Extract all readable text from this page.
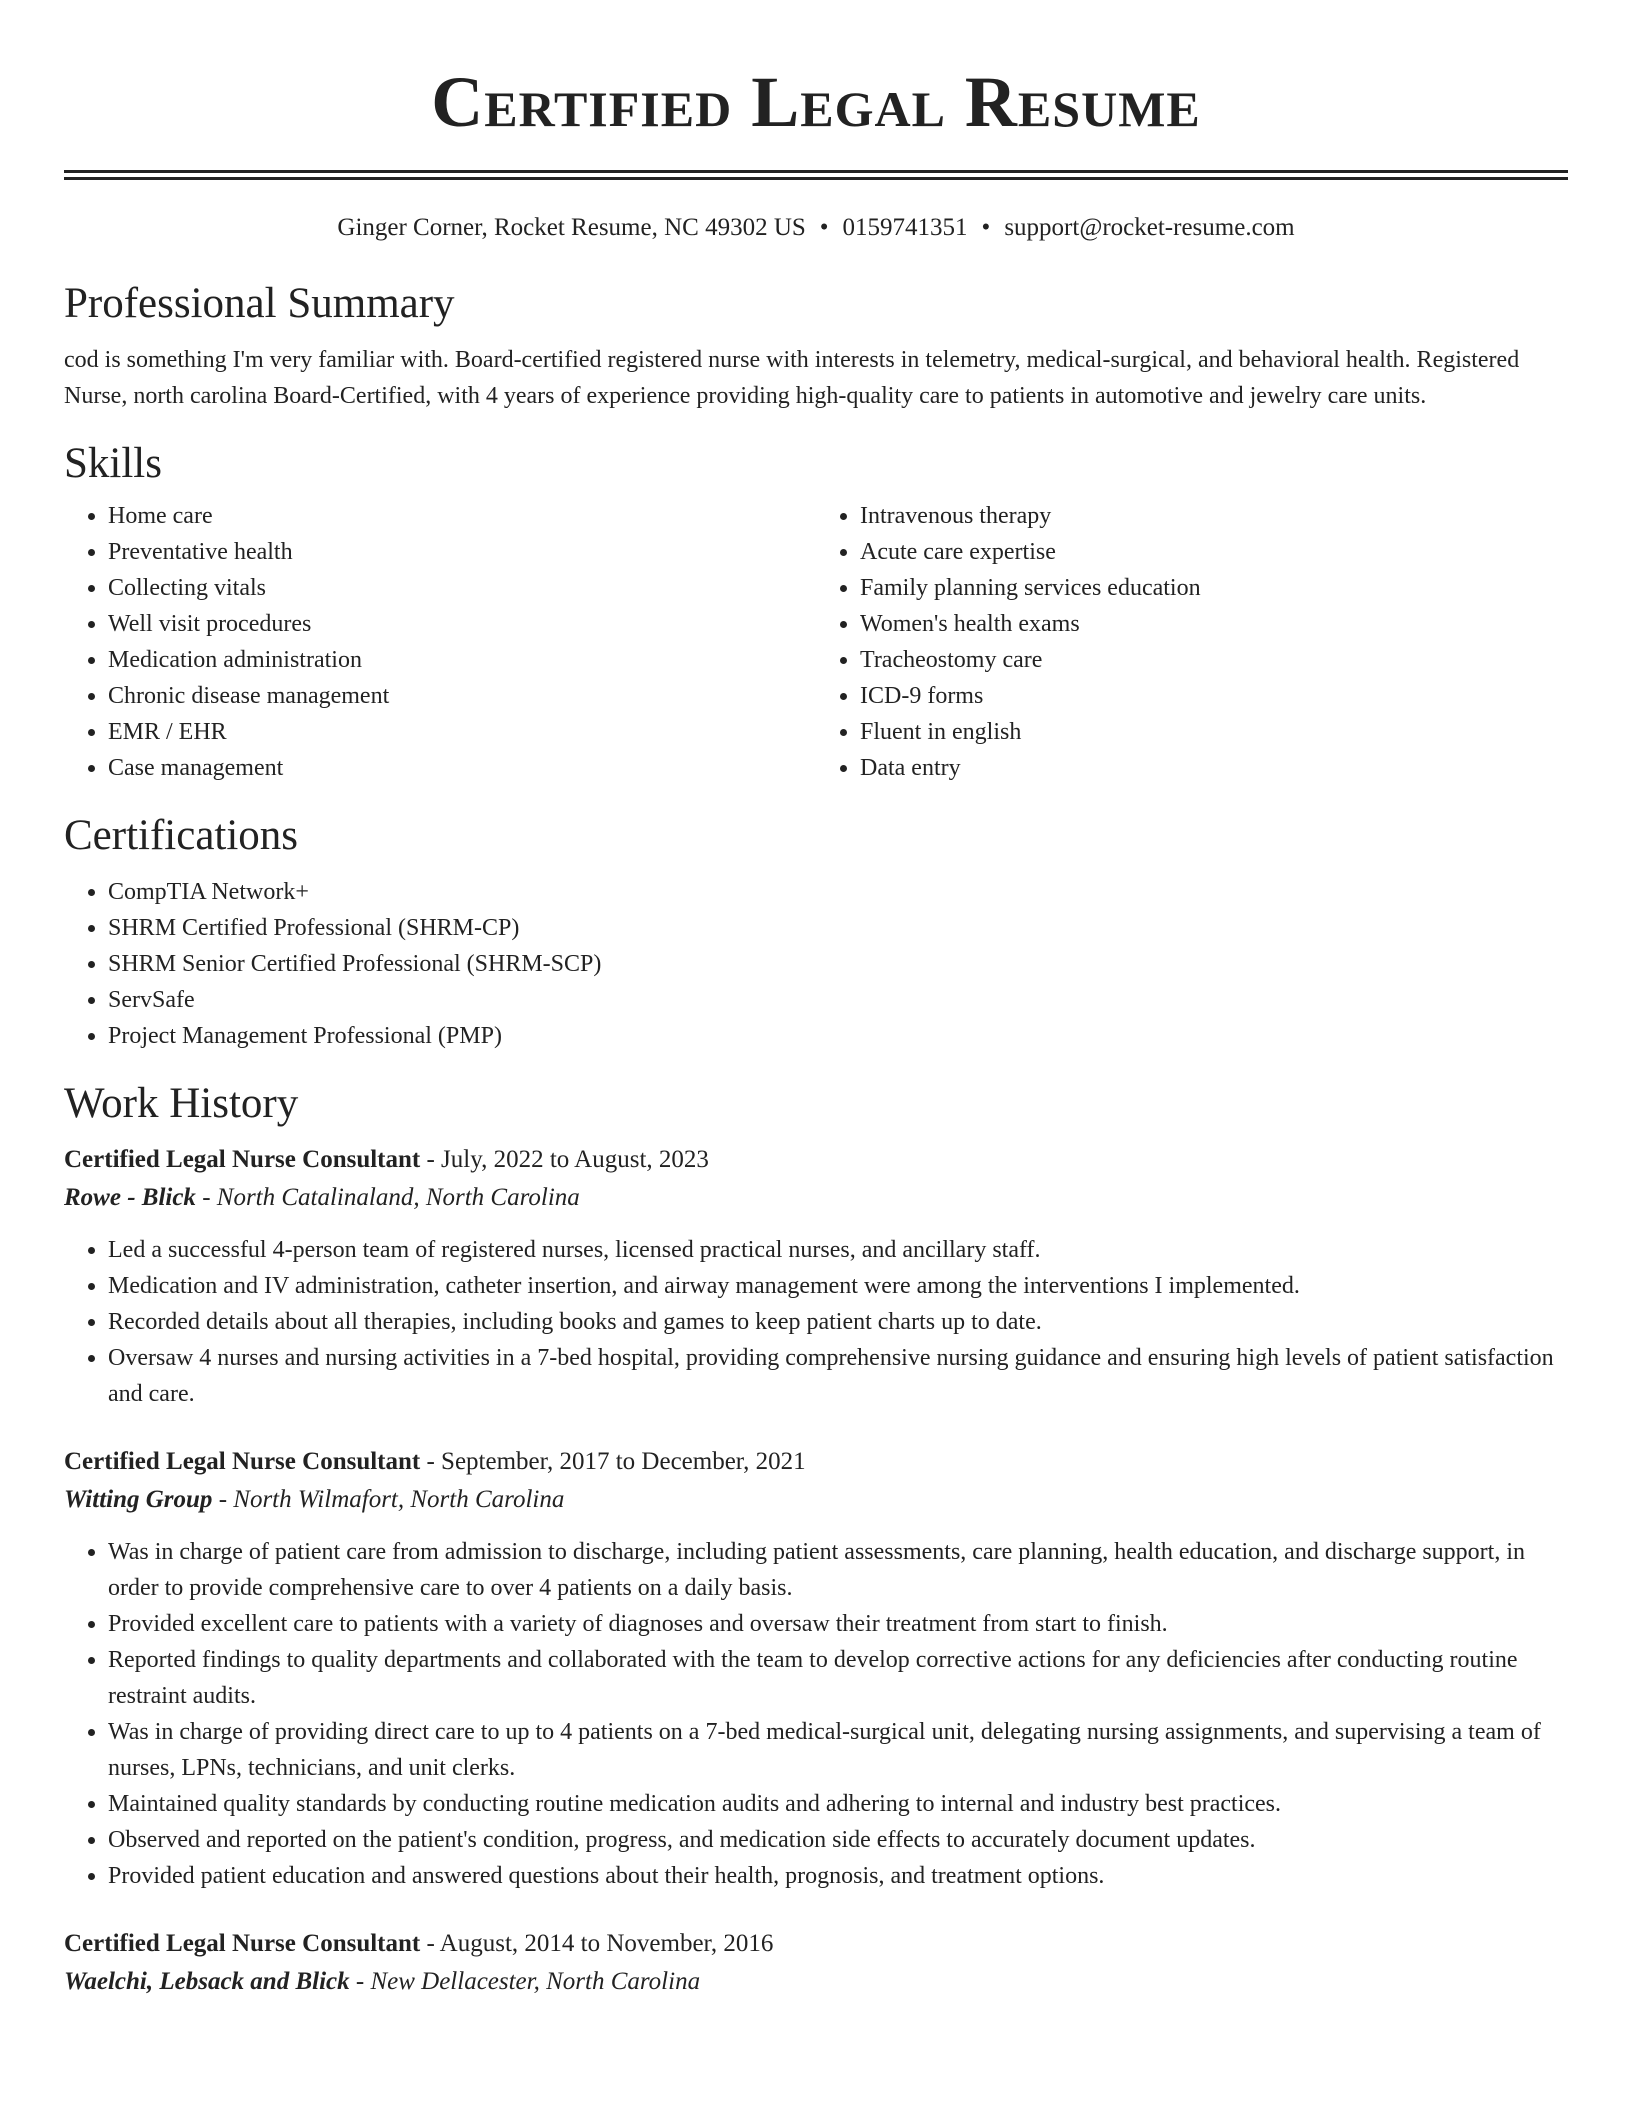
Certified Legal Resume
Ginger Corner, Rocket Resume, NC 49302 US • 0159741351 • support@rocket-resume.com
Professional Summary
cod is something I'm very familiar with. Board-certified registered nurse with interests in telemetry, medical-surgical, and behavioral health. Registered Nurse, north carolina Board-Certified, with 4 years of experience providing high-quality care to patients in automotive and jewelry care units.
Skills
• Home care
• Preventative health
• Collecting vitals
• Well visit procedures
• Medication administration
• Chronic disease management
• EMR / EHR
• Case management
• Intravenous therapy
• Acute care expertise
• Family planning services education
• Women's health exams
• Tracheostomy care
• ICD-9 forms
• Fluent in english
• Data entry
Certifications
• CompTIA Network+
• SHRM Certified Professional (SHRM-CP)
• SHRM Senior Certified Professional (SHRM-SCP)
• ServSafe
• Project Management Professional (PMP)
Work History
Certified Legal Nurse Consultant - July, 2022 to August, 2023
Rowe - Blick - North Catalinaland, North Carolina
• Led a successful 4-person team of registered nurses, licensed practical nurses, and ancillary staff.
• Medication and IV administration, catheter insertion, and airway management were among the interventions I implemented.
• Recorded details about all therapies, including books and games to keep patient charts up to date.
• Oversaw 4 nurses and nursing activities in a 7-bed hospital, providing comprehensive nursing guidance and ensuring high levels of patient satisfaction and care.
Certified Legal Nurse Consultant - September, 2017 to December, 2021
Witting Group - North Wilmafort, North Carolina
• Was in charge of patient care from admission to discharge, including patient assessments, care planning, health education, and discharge support, in order to provide comprehensive care to over 4 patients on a daily basis.
• Provided excellent care to patients with a variety of diagnoses and oversaw their treatment from start to finish.
• Reported findings to quality departments and collaborated with the team to develop corrective actions for any deficiencies after conducting routine restraint audits.
• Was in charge of providing direct care to up to 4 patients on a 7-bed medical-surgical unit, delegating nursing assignments, and supervising a team of nurses, LPNs, technicians, and unit clerks.
• Maintained quality standards by conducting routine medication audits and adhering to internal and industry best practices.
• Observed and reported on the patient's condition, progress, and medication side effects to accurately document updates.
• Provided patient education and answered questions about their health, prognosis, and treatment options.
Certified Legal Nurse Consultant - August, 2014 to November, 2016
Waelchi, Lebsack and Blick - New Dellacester, North Carolina
